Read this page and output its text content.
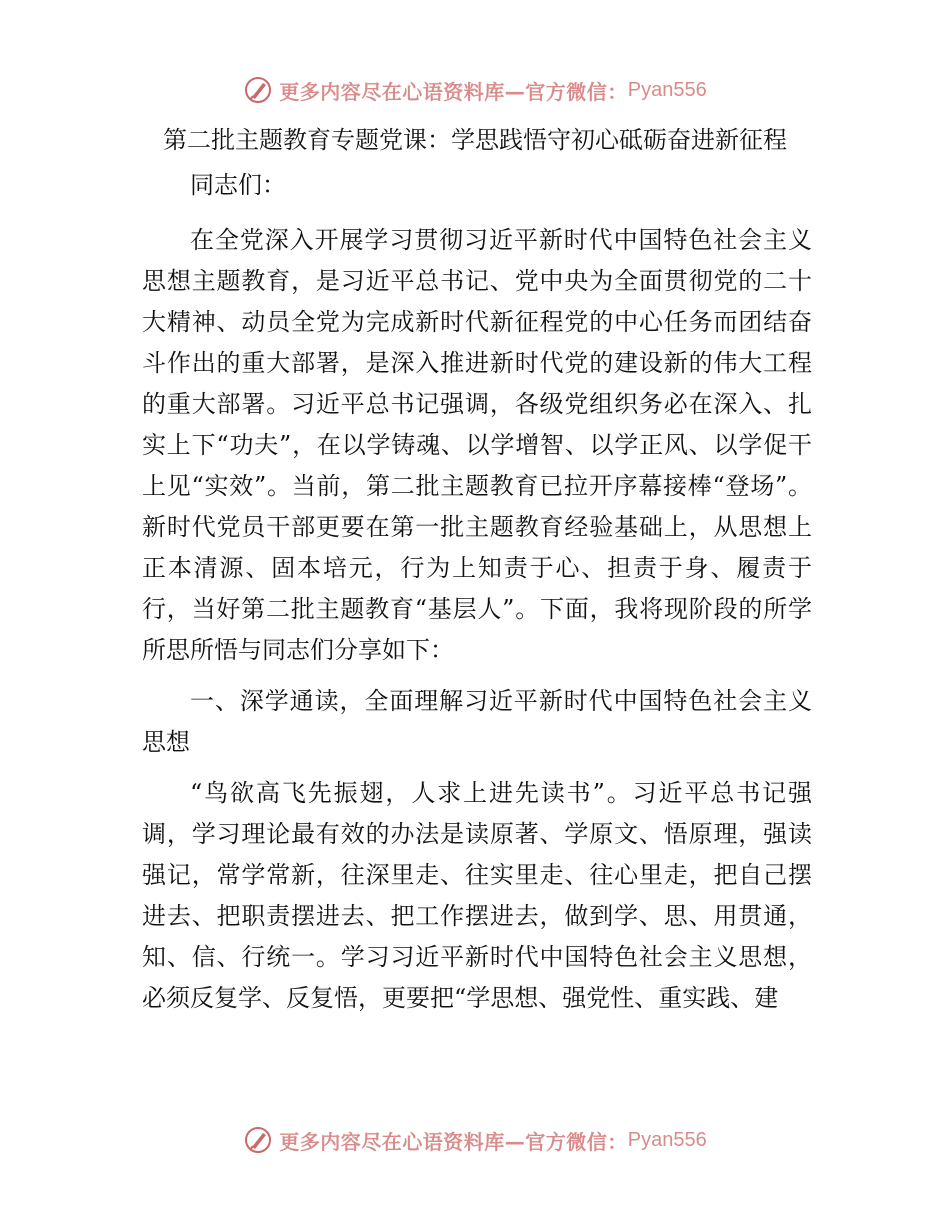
更多内容尽在心语资料库—官方微信： Pyan556
第二批主题教育专题党课：学思践悟守初心砥砺奋进新征程

同志们：

在全党深入开展学习贯彻习近平新时代中国特色社会主义思想主题教育，是习近平总书记、党中央为全面贯彻党的二十大精神、动员全党为完成新时代新征程党的中心任务而团结奋斗作出的重大部署，是深入推进新时代党的建设新的伟大工程的重大部署。习近平总书记强调，各级党组织务必在深入、扎实上下“功夫”，在以学铸魂、以学增智、以学正风、以学促干上见“实效”。当前，第二批主题教育已拉开序幕接棒“登场”。新时代党员干部更要在第一批主题教育经验基础上，从思想上正本清源、固本培元，行为上知责于心、担责于身、履责于行，当好第二批主题教育“基层人”。下面，我将现阶段的所学所思所悟与同志们分享如下：

一、深学通读，全面理解习近平新时代中国特色社会主义思想

“鸟欲高飞先振翅，人求上进先读书”。习近平总书记强调，学习理论最有效的办法是读原著、学原文、悟原理，强读强记，常学常新，往深里走、往实里走、往心里走，把自己摆进去、把职责摆进去、把工作摆进去，做到学、思、用贯通，知、信、行统一。学习习近平新时代中国特色社会主义思想，必须反复学、反复悟，更要把“学思想、强党性、重实践、建

更多内容尽在心语资料库—官方微信： Pyan556
